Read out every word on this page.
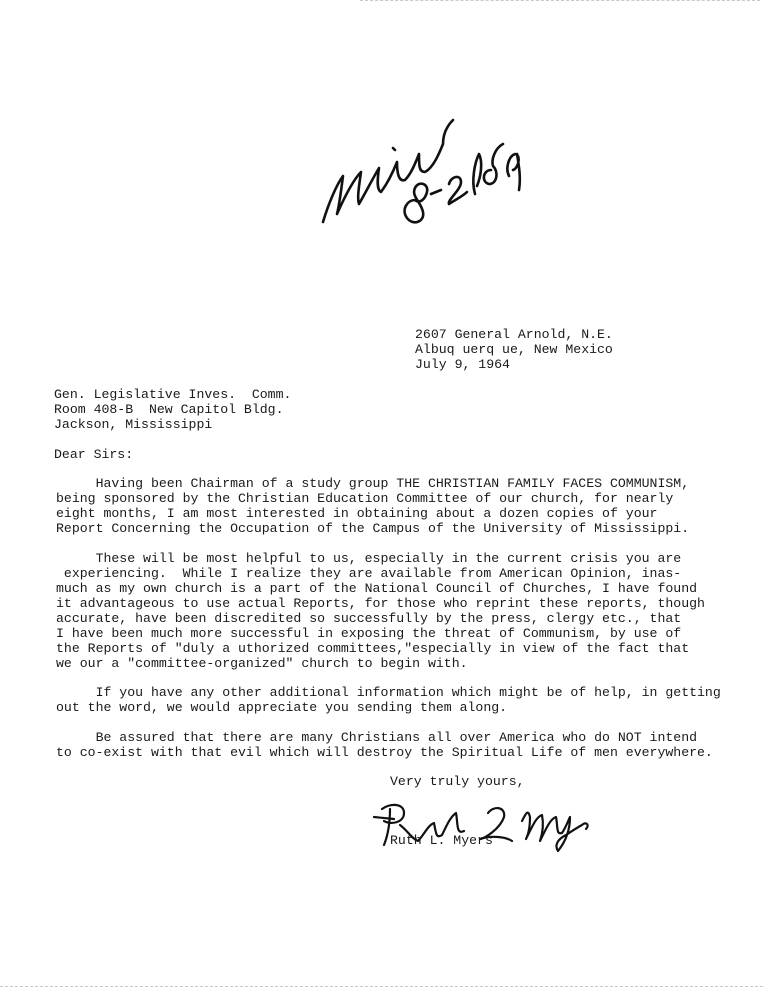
2607 General Arnold, N.E.
Albuq uerq ue, New Mexico
July 9, 1964
Gen. Legislative Inves.  Comm.
Room 408-B  New Capitol Bldg.
Jackson, Mississippi
Dear Sirs:
Having been Chairman of a study group THE CHRISTIAN FAMILY FACES COMMUNISM,
being sponsored by the Christian Education Committee of our church, for nearly
eight months, I am most interested in obtaining about a dozen copies of your
Report Concerning the Occupation of the Campus of the University of Mississippi.
These will be most helpful to us, especially in the current crisis you are
experiencing.  While I realize they are available from American Opinion, inas-
much as my own church is a part of the National Council of Churches, I have found
it advantageous to use actual Reports, for those who reprint these reports, though
accurate, have been discredited so successfully by the press, clergy etc., that
I have been much more successful in exposing the threat of Communism, by use of
the Reports of "duly a uthorized committees,"especially in view of the fact that
we our a "committee-organized" church to begin with.
If you have any other additional information which might be of help, in getting
out the word, we would appreciate you sending them along.
Be assured that there are many Christians all over America who do NOT intend
to co-exist with that evil which will destroy the Spiritual Life of men everywhere.
Very truly yours,
Ruth L. Myers
